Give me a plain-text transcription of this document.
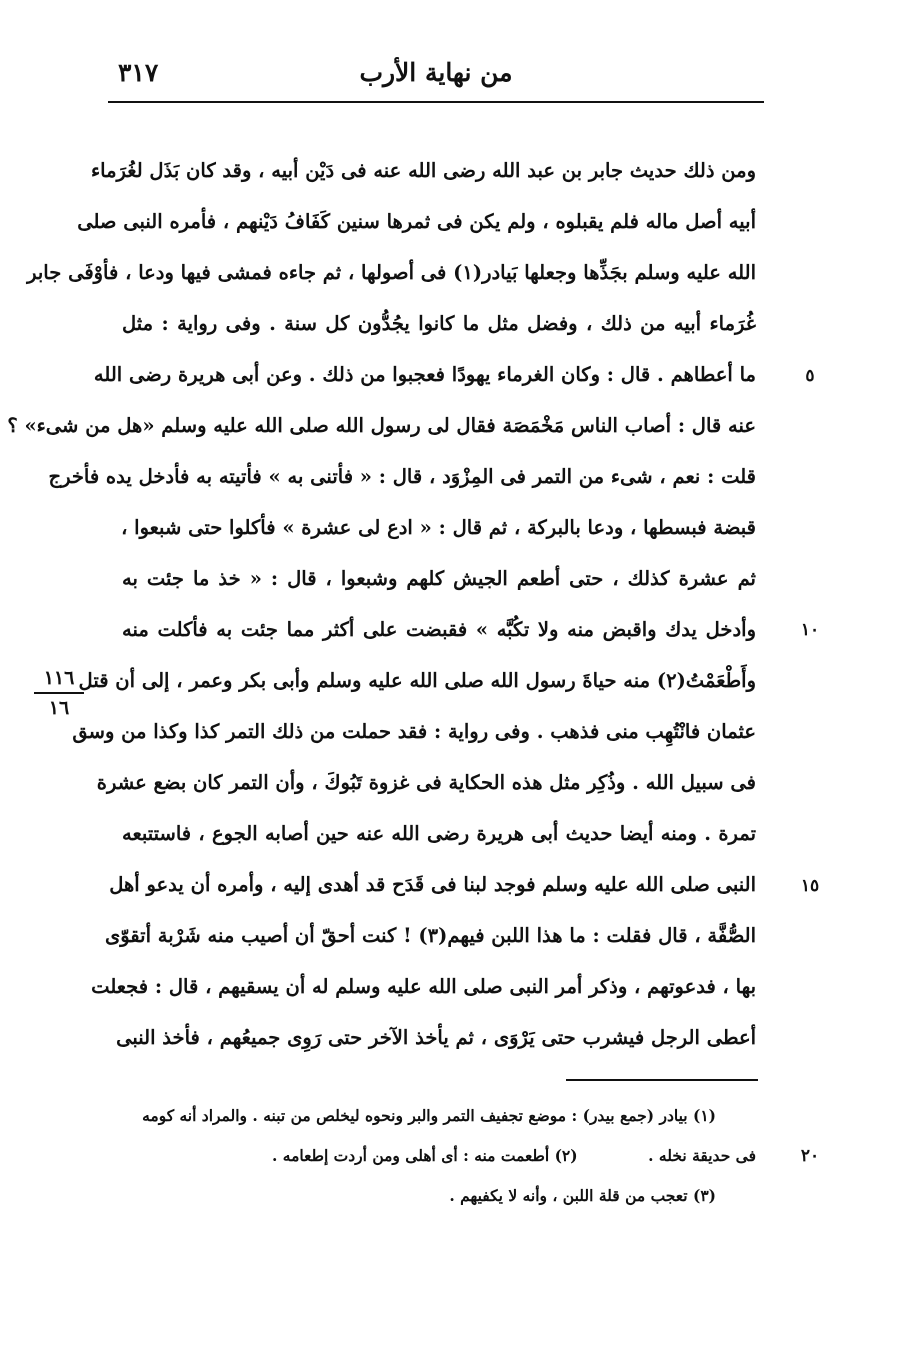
من نهاية الأرب
٣١٧
ومن ذلك حديث جابر بن عبد الله رضى الله عنه فى دَيْن أبيه ، وقد كان بَذَل لغُرَماء
أبيه أصل ماله فلم يقبلوه ، ولم يكن فى ثمرها سنين كَفَافُ دَيْنهم ، فأمره النبى صلى
الله عليه وسلم بجَذِّها وجعلها بَيادر(١) فى أصولها ، ثم جاءه فمشى فيها ودعا ، فأوْفَى جابر
غُرَماء أبيه من ذلك ، وفضل مثل ما كانوا يجُدُّون كل سنة . وفى رواية : مثل
ما أعطاهم . قال : وكان الغرماء يهودًا فعجبوا من ذلك . وعن أبى هريرة رضى الله
عنه قال : أصاب الناس مَخْمَصَة فقال لى رسول الله صلى الله عليه وسلم «هل من شىء» ؟
قلت : نعم ، شىء من التمر فى المِزْوَد ، قال : « فأتنى به » فأتيته به فأدخل يده فأخرج
قبضة فبسطها ، ودعا بالبركة ، ثم قال : « ادع لى عشرة » فأكلوا حتى شبعوا ،
ثم عشرة كذلك ، حتى أطعم الجيش كلهم وشبعوا ، قال : « خذ ما جئت به
وأدخل يدك واقبض منه ولا تكُبَّه » فقبضت على أكثر مما جئت به فأكلت منه
وأَطْعَمْتُ(٢) منه حياةَ رسول الله صلى الله عليه وسلم وأبى بكر وعمر ، إلى أن قتل
عثمان فانْتُهِب منى فذهب . وفى رواية : فقد حملت من ذلك التمر كذا وكذا من وسق
فى سبيل الله . وذُكِر مثل هذه الحكاية فى غزوة تَبُوكَ ، وأن التمر كان بضع عشرة
تمرة . ومنه أيضا حديث أبى هريرة رضى الله عنه حين أصابه الجوع ، فاستتبعه
النبى صلى الله عليه وسلم فوجد لبنا فى قَدَح قد أهدى إليه ، وأمره أن يدعو أهل
الصُّفَّة ، قال فقلت : ما هذا اللبن فيهم(٣) ! كنت أحقّ أن أصيب منه شَرْبة أتقوّى
بها ، فدعوتهم ، وذكر أمر النبى صلى الله عليه وسلم له أن يسقيهم ، قال : فجعلت
أعطى الرجل فيشرب حتى يَرْوَى ، ثم يأخذ الآخر حتى رَوِى جميعُهم ، فأخذ النبى
٥
١٠
١٥
٢٠
١١٦
١٦
(١) بيادر (جمع بيدر) : موضع تجفيف التمر والبر ونحوه ليخلص من تبنه . والمراد أنه كومه
فى حديقة نخله .
(٢) أطعمت منه : أى أهلى ومن أردت إطعامه .
(٣) تعجب من قلة اللبن ، وأنه لا يكفيهم .
